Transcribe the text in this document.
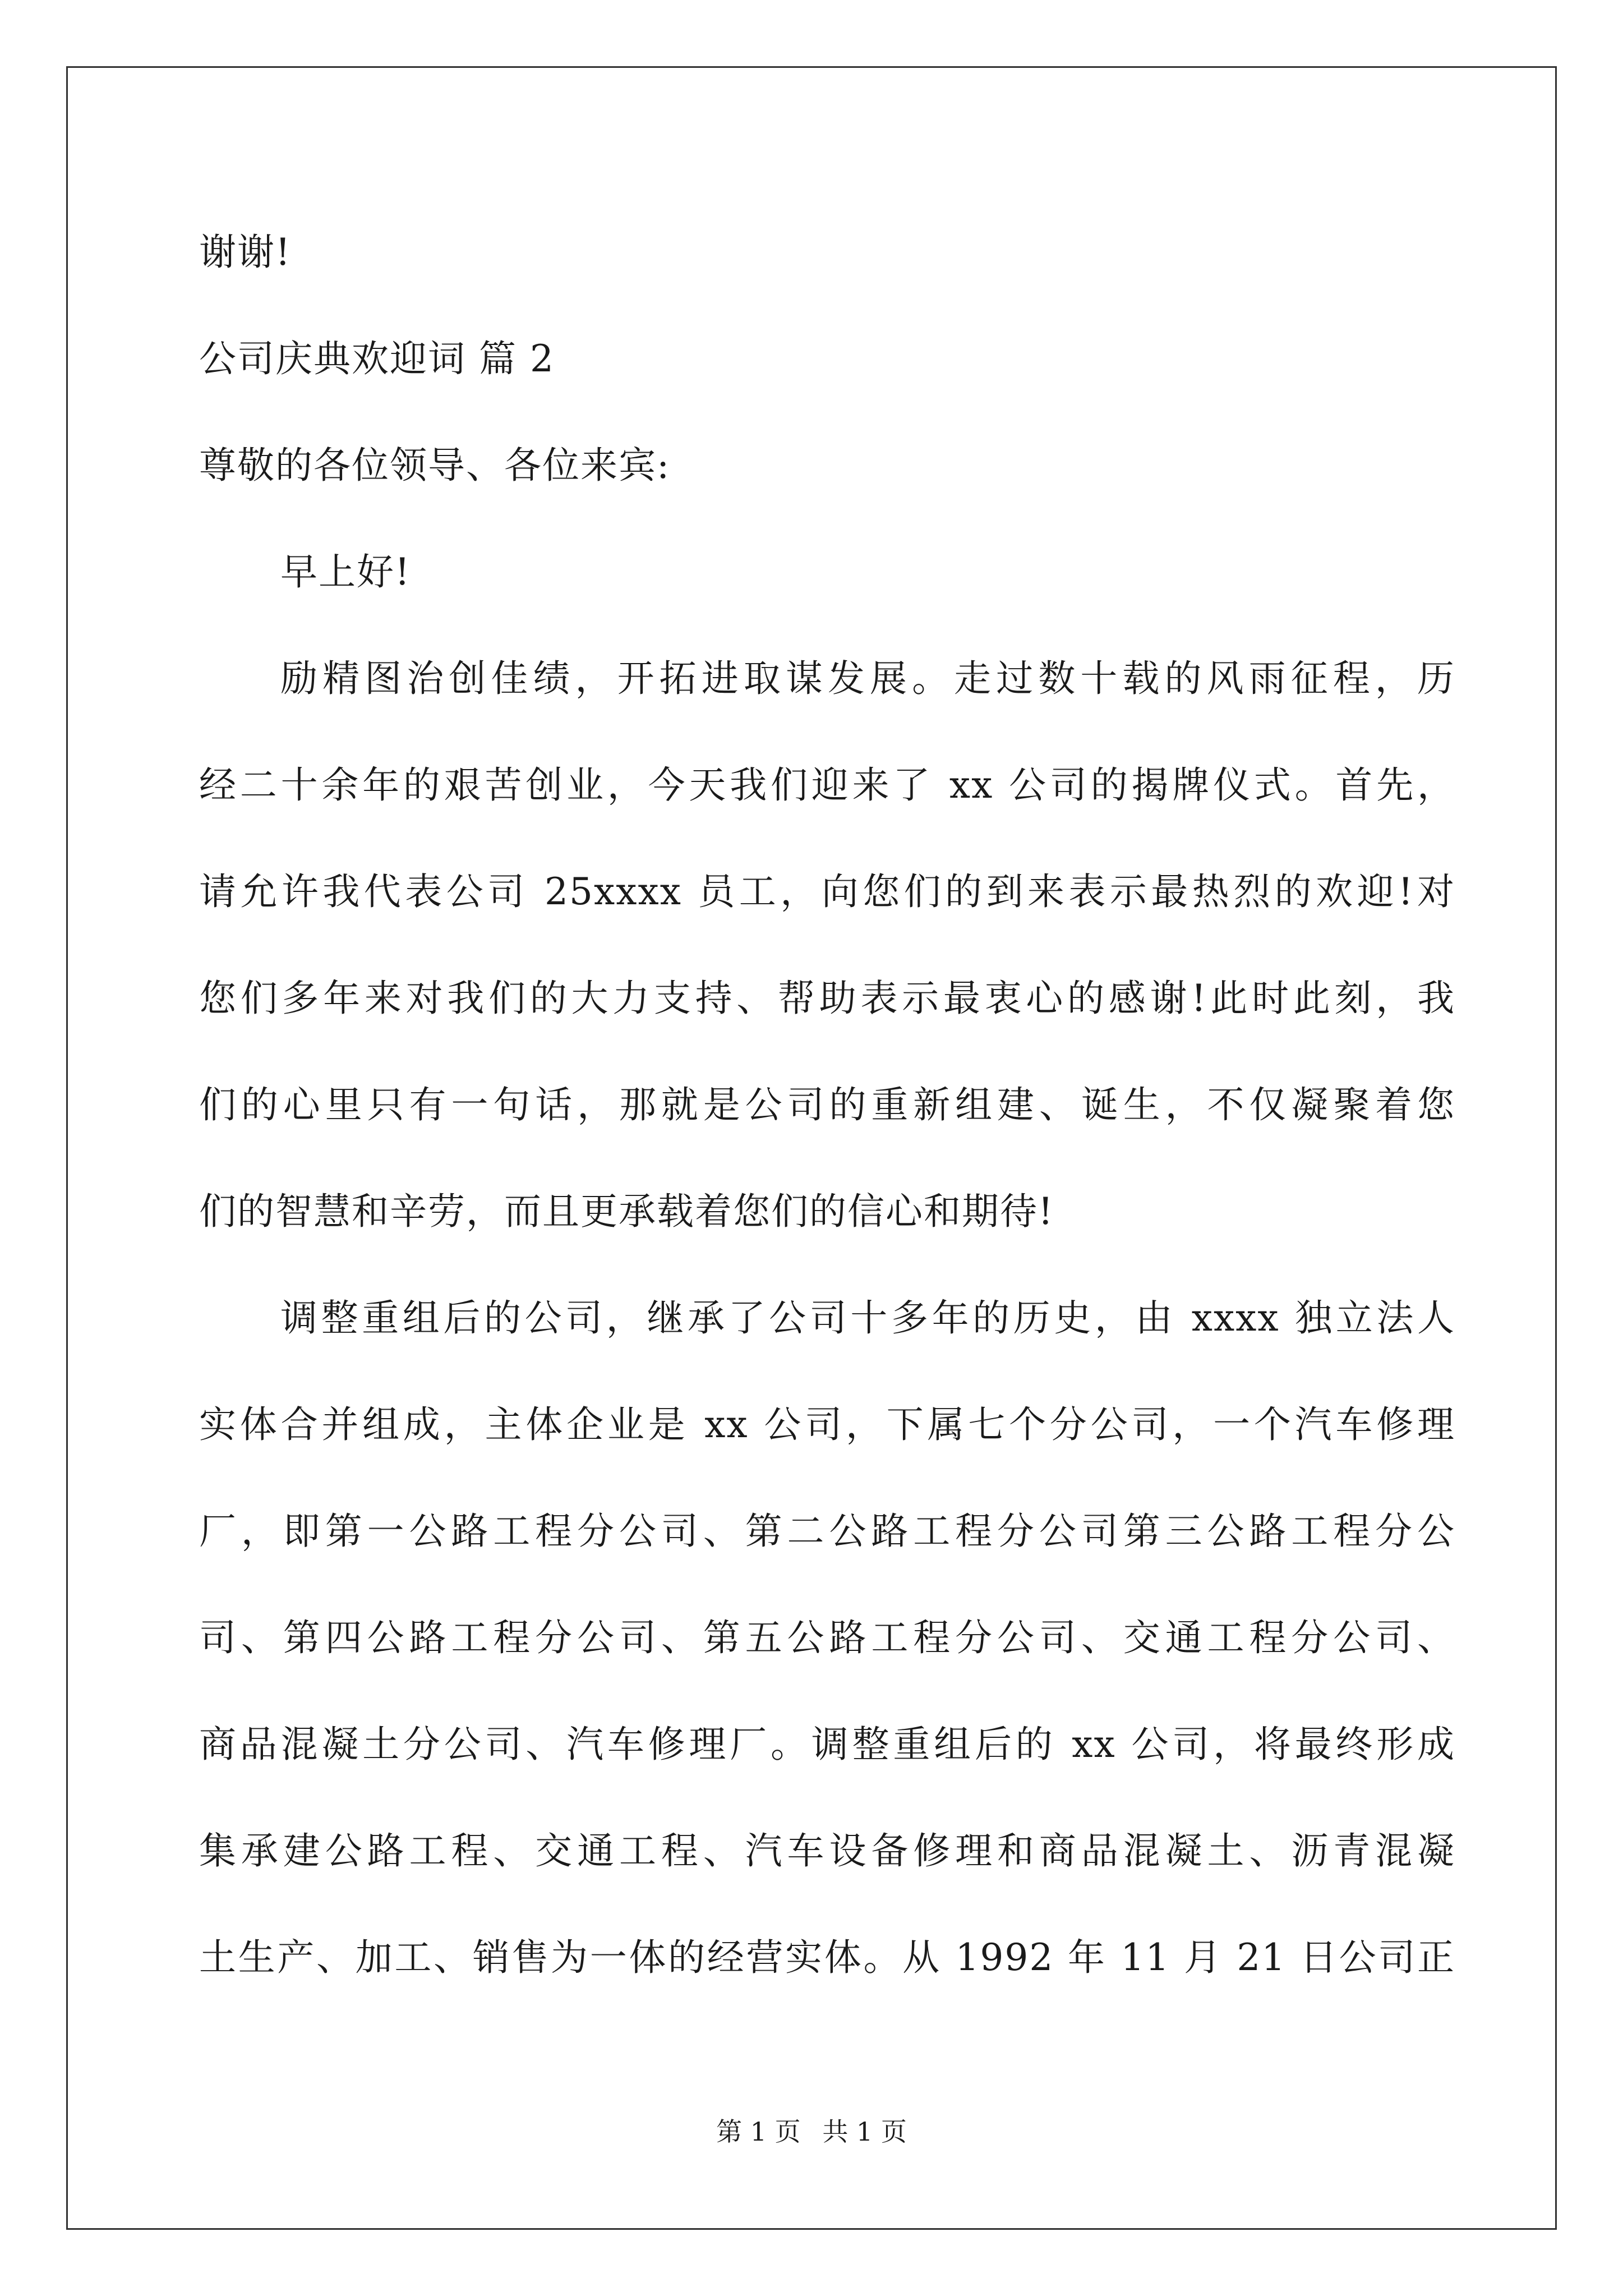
谢谢!
公司庆典欢迎词 篇 2
尊敬的各位领导、各位来宾:
早上好!
励精图治创佳绩，开拓进取谋发展。走过数十载的风雨征程，历
经二十余年的艰苦创业，今天我们迎来了 xx 公司的揭牌仪式。首先，
请允许我代表公司 25xxxx 员工，向您们的到来表示最热烈的欢迎!对
您们多年来对我们的大力支持、帮助表示最衷心的感谢!此时此刻，我
们的心里只有一句话，那就是公司的重新组建、诞生，不仅凝聚着您
们的智慧和辛劳，而且更承载着您们的信心和期待!
调整重组后的公司，继承了公司十多年的历史，由 xxxx 独立法人
实体合并组成，主体企业是 xx 公司，下属七个分公司，一个汽车修理
厂，即第一公路工程分公司、第二公路工程分公司第三公路工程分公
司、第四公路工程分公司、第五公路工程分公司、交通工程分公司、
商品混凝土分公司、汽车修理厂。调整重组后的 xx 公司，将最终形成
集承建公路工程、交通工程、汽车设备修理和商品混凝土、沥青混凝
土生产、加工、销售为一体的经营实体。从 1992 年 11 月 21 日公司正
第 1 页 共 1 页
